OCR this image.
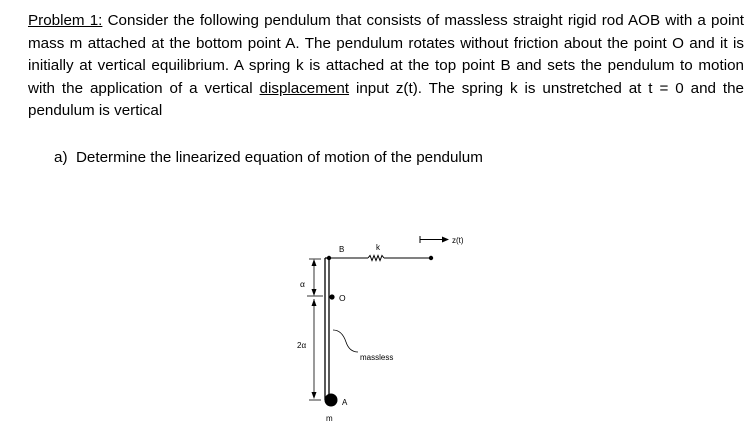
Problem 1: Consider the following pendulum that consists of massless straight rigid rod AOB with a point mass m attached at the bottom point A. The pendulum rotates without friction about the point O and it is initially at vertical equilibrium. A spring k is attached at the top point B and sets the pendulum to motion with the application of a vertical displacement input z(t). The spring k is unstretched at t = 0 and the pendulum is vertical
a) Determine the linearized equation of motion of the pendulum
B
O
A
m
k
z(t)
α
2α
massless
